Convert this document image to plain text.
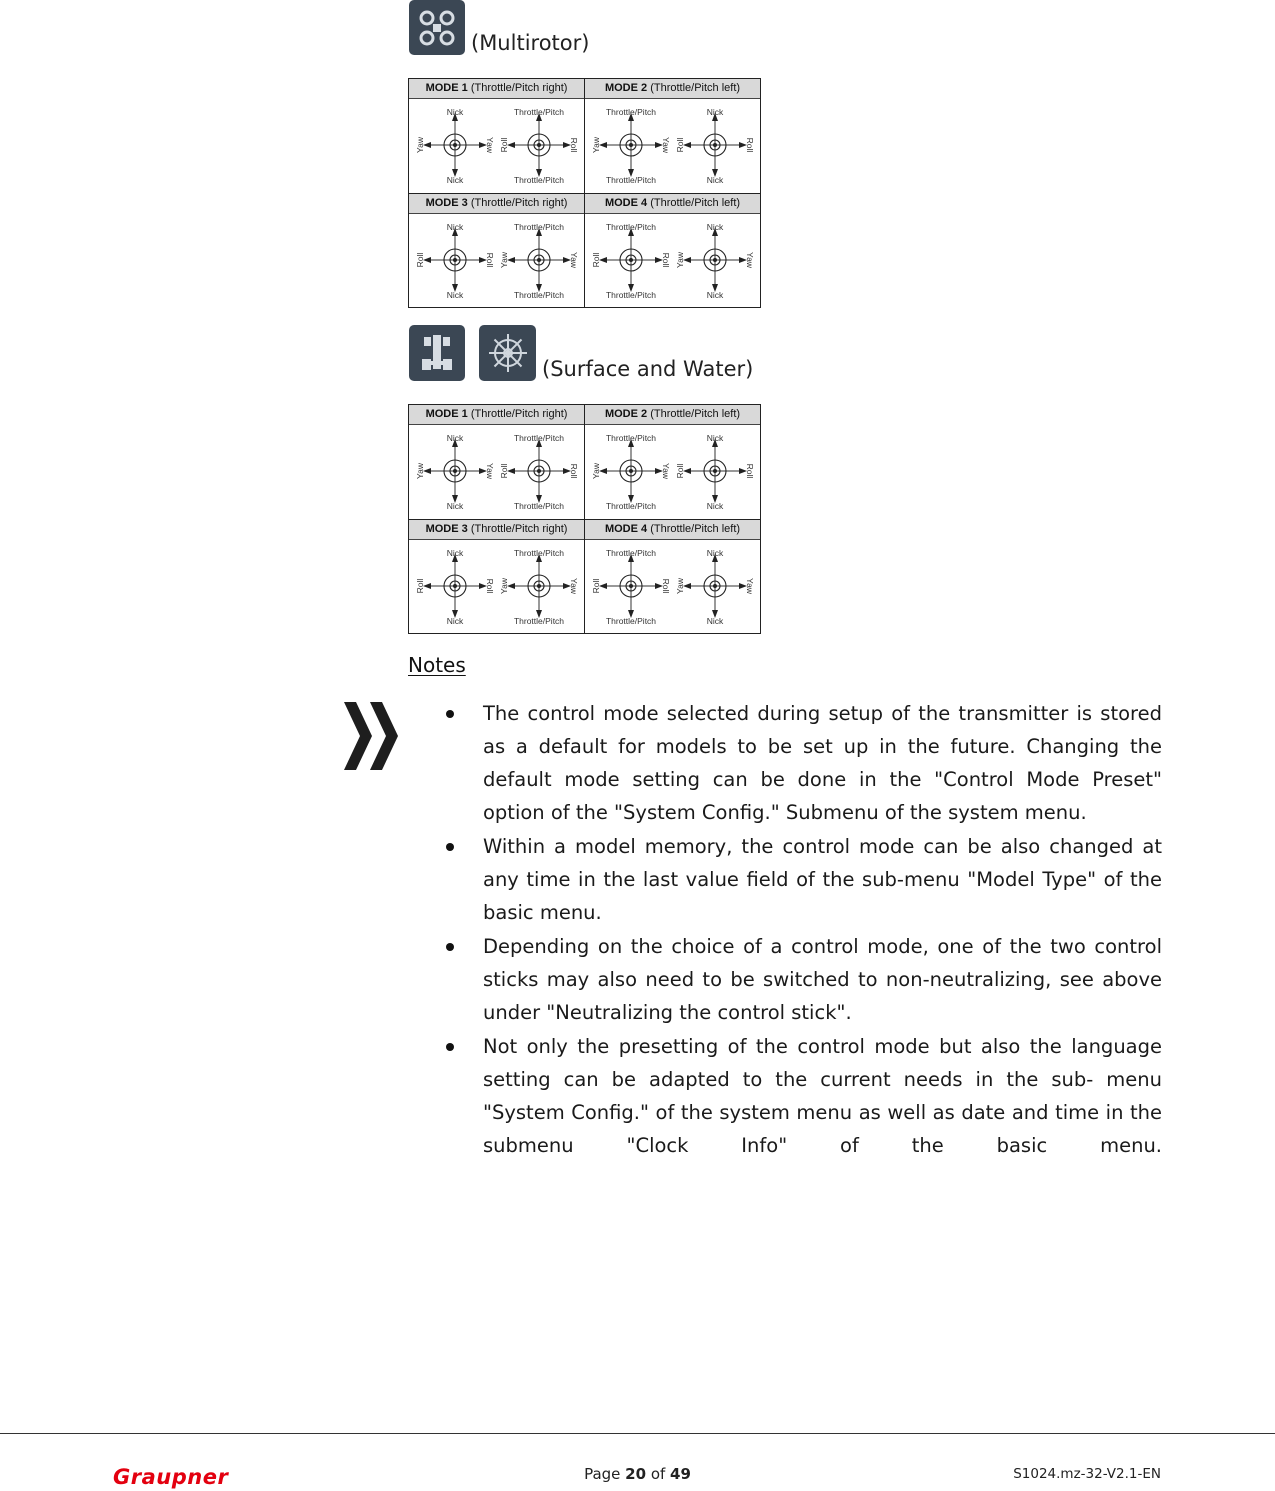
(Multirotor)
MODE 1 (Throttle/Pitch right)
Nick
Nick
Yaw	Yaw
Throttle/Pitch
Throttle/Pitch
Roll	Roll
MODE 2 (Throttle/Pitch left)
Throttle/Pitch
Throttle/Pitch
Yaw	Yaw
Nick
Nick
Roll	Roll
MODE 3 (Throttle/Pitch right)
Nick
Nick
Roll	Roll
Throttle/Pitch
Throttle/Pitch
Yaw	Yaw
MODE 4 (Throttle/Pitch left)
Throttle/Pitch
Throttle/Pitch
Roll	Roll
Nick
Nick
Yaw	Yaw
(Surface and Water)
MODE 1 (Throttle/Pitch right)
Nick
Nick
Yaw	Yaw
Throttle/Pitch
Throttle/Pitch
Roll	Roll
MODE 2 (Throttle/Pitch left)
Throttle/Pitch
Throttle/Pitch
Yaw	Yaw
Nick
Nick
Roll	Roll
MODE 3 (Throttle/Pitch right)
Nick
Nick
Roll	Roll
Throttle/Pitch
Throttle/Pitch
Yaw	Yaw
MODE 4 (Throttle/Pitch left)
Throttle/Pitch
Throttle/Pitch
Roll	Roll
Nick
Nick
Yaw	Yaw
Notes
The control mode selected during setup of the transmitter is stored as a default for models to be set up in the future. Changing the default mode setting can be done in the "Control Mode Preset" option of the "System Config." Submenu of the system menu.
Within a model memory, the control mode can be also changed at any time in the last value field of the sub-menu "Model Type" of the basic menu.
Depending on the choice of a control mode, one of the two control sticks may also need to be switched to non-neutralizing, see above under "Neutralizing the control stick".
Not only the presetting of the control mode but also the language setting can be adapted to the current needs in the sub- menu "System Config." of the system menu as well as date and time in the submenu "Clock Info" of the basic menu.
Graupner	Page 20 of 49	S1024.mz-32-V2.1-EN
